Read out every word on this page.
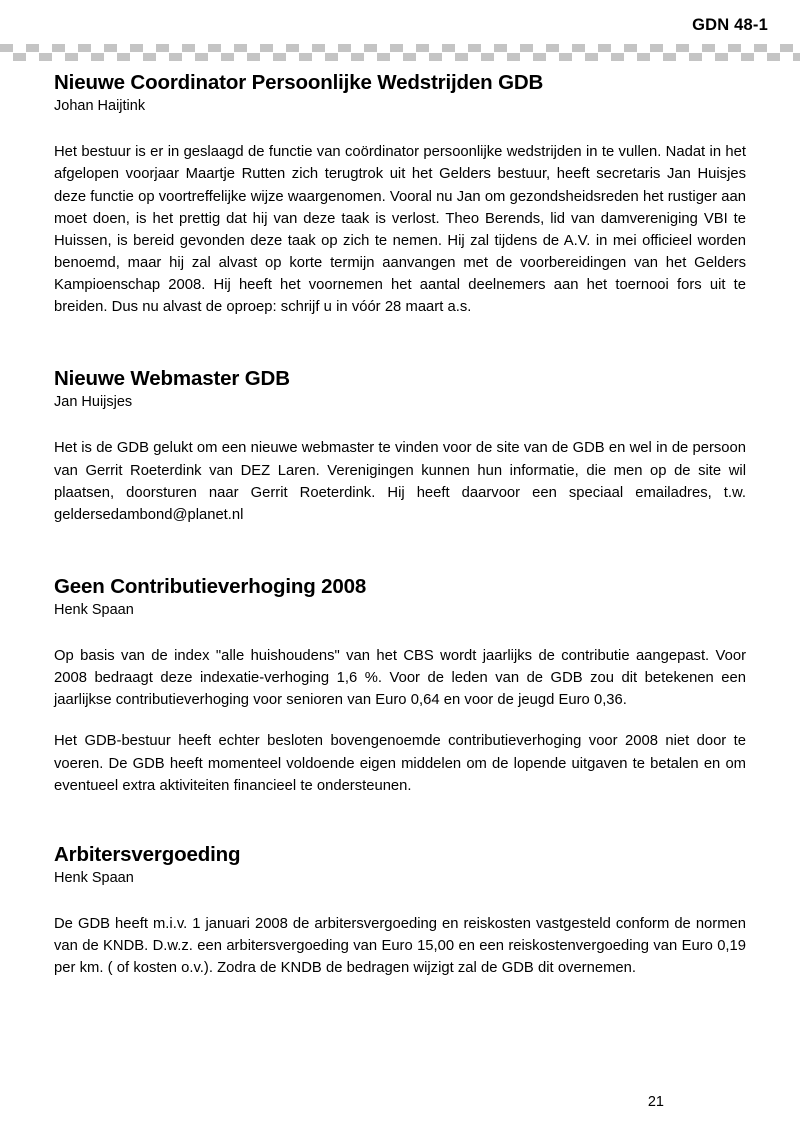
GDN 48-1
Nieuwe Coordinator Persoonlijke Wedstrijden GDB
Johan Haijtink

Het bestuur is er in geslaagd de functie van coördinator persoonlijke wedstrijden in te vullen. Nadat in het afgelopen voorjaar Maartje Rutten zich terugtrok uit het Gelders bestuur, heeft secretaris Jan Huisjes deze functie op voortreffelijke wijze waargenomen. Vooral nu Jan om gezondsheidsreden het rustiger aan moet doen, is het prettig dat hij van deze taak is verlost. Theo Berends, lid van damvereniging VBI te Huissen, is bereid gevonden deze taak op zich te nemen. Hij zal tijdens de A.V. in mei officieel worden benoemd, maar hij zal alvast op korte termijn aanvangen met de voorbereidingen van het Gelders Kampioenschap 2008. Hij heeft het voornemen het aantal deelnemers aan het toernooi fors uit te breiden. Dus nu alvast de oproep: schrijf u in vóór 28 maart a.s.

Nieuwe Webmaster GDB
Jan Huijsjes

Het is de GDB gelukt om een nieuwe webmaster te vinden voor de site van de GDB en wel in de persoon van Gerrit Roeterdink van DEZ Laren. Verenigingen kunnen hun informatie, die men op de site wil plaatsen, doorsturen naar Gerrit Roeterdink. Hij heeft daarvoor een speciaal emailadres, t.w. geldersedambond@planet.nl

Geen Contributieverhoging 2008
Henk Spaan

Op basis van de index "alle huishoudens" van het CBS wordt jaarlijks de contributie aangepast. Voor 2008 bedraagt deze indexatie-verhoging 1,6 %. Voor de leden van de GDB zou dit betekenen een jaarlijkse contributieverhoging voor senioren van Euro 0,64 en voor de jeugd Euro 0,36.

Het GDB-bestuur heeft echter besloten bovengenoemde contributieverhoging voor 2008 niet door te voeren. De GDB heeft momenteel voldoende eigen middelen om de lopende uitgaven te betalen en om eventueel extra aktiviteiten financieel te ondersteunen.

Arbitersvergoeding
Henk Spaan

De GDB heeft m.i.v. 1 januari 2008 de arbitersvergoeding en reiskosten vastgesteld conform de normen van de KNDB. D.w.z. een arbitersvergoeding van Euro 15,00 en een reiskostenvergoeding van Euro 0,19 per km. ( of kosten o.v.). Zodra de KNDB de bedragen wijzigt zal de GDB dit overnemen.

21
